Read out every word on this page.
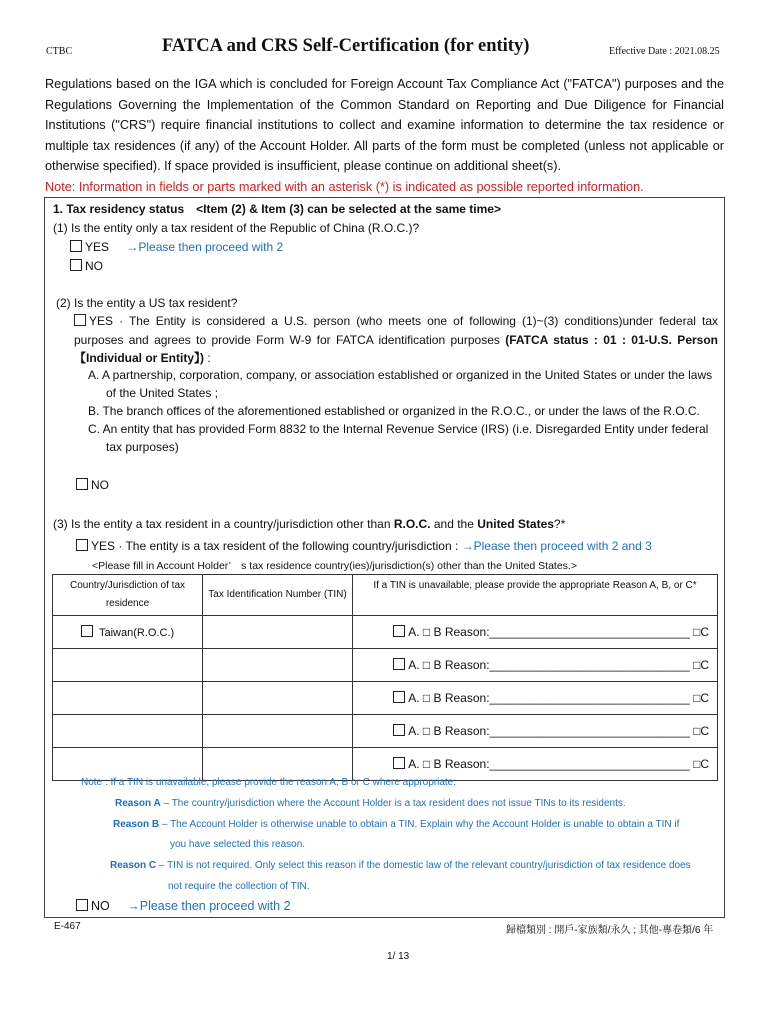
CTBC	FATCA and CRS Self-Certification (for entity)	Effective Date : 2021.08.25
Regulations based on the IGA which is concluded for Foreign Account Tax Compliance Act ("FATCA") purposes and the Regulations Governing the Implementation of the Common Standard on Reporting and Due Diligence for Financial Institutions ("CRS") require financial institutions to collect and examine information to determine the tax residence or multiple tax residences (if any) of the Account Holder. All parts of the form must be completed (unless not applicable or otherwise specified). If space provided is insufficient, please continue on additional sheet(s).
Note: Information in fields or parts marked with an asterisk (*) is indicated as possible reported information.
1. Tax residency status　<Item (2) & Item (3) can be selected at the same time>
(1) Is the entity only a tax resident of the Republic of China (R.O.C.)?
YES →Please then proceed with 2
NO
(2) Is the entity a US tax resident?
YES · The Entity is considered a U.S. person (who meets one of following (1)~(3) conditions)under federal tax purposes and agrees to provide Form W-9 for FATCA identification purposes (FATCA status : 01 : 01-U.S. Person【Individual or Entity】) :
A. A partnership, corporation, company, or association established or organized in the United States or under the laws of the United States ;
B. The branch offices of the aforementioned established or organized in the R.O.C., or under the laws of the R.O.C.
C. An entity that has provided Form 8832 to the Internal Revenue Service (IRS) (i.e. Disregarded Entity under federal tax purposes)
NO
(3) Is the entity a tax resident in a country/jurisdiction other than R.O.C. and the United States?*
YES · The entity is a tax resident of the following country/jurisdiction : →Please then proceed with 2 and 3
<Please fill in Account Holder’　s tax residence country(ies)/jurisdiction(s) other than the United States.>
Country/Jurisdiction of tax residence	Tax Identification Number (TIN)	If a TIN is unavailable, please provide the appropriate Reason A, B, or C*
Taiwan(R.O.C.)		A. □ B Reason:______________________________ □C
		A. □ B Reason:______________________________ □C
		A. □ B Reason:______________________________ □C
		A. □ B Reason:______________________________ □C
		A. □ B Reason:______________________________ □C
Note : If a TIN is unavailable, please provide the reason A, B or C where appropriate:
Reason A – The country/jurisdiction where the Account Holder is a tax resident does not issue TINs to its residents.
Reason B – The Account Holder is otherwise unable to obtain a TIN. Explain why the Account Holder is unable to obtain a TIN if
you have selected this reason.
Reason C – TIN is not required. Only select this reason if the domestic law of the relevant country/jurisdiction of tax residence does
not require the collection of TIN.
NO →Please then proceed with 2
E-467	歸檔類別 : 開戶-家族類/永久 ; 其他-專卷類/6 年
1/ 13
